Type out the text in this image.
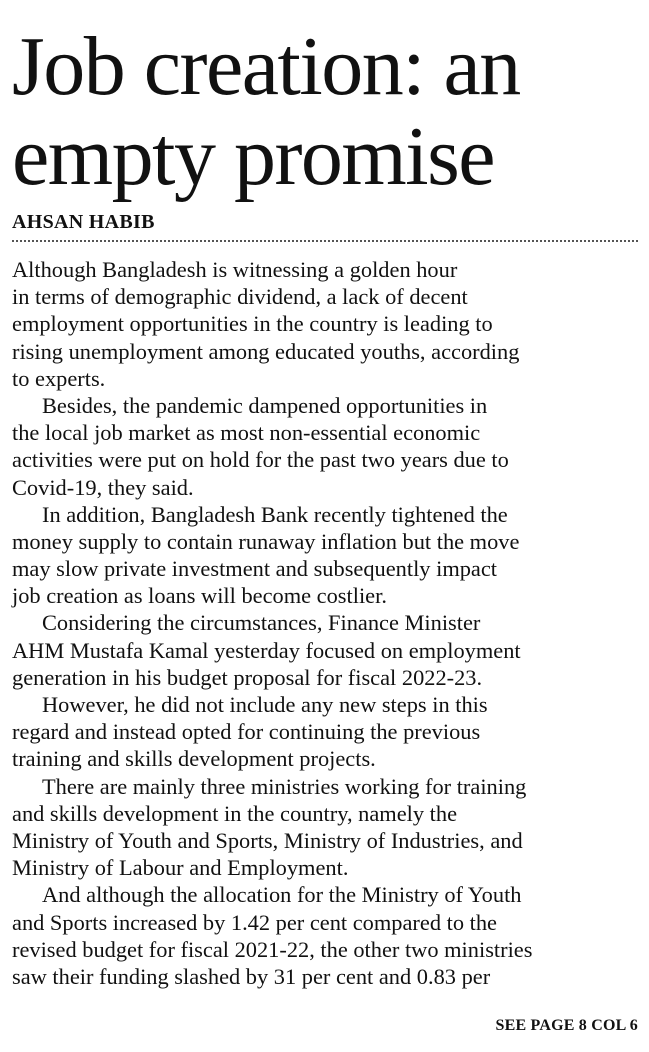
Job creation: an
empty promise
AHSAN HABIB

Although Bangladesh is witnessing a golden hour
in terms of demographic dividend, a lack of decent
employment opportunities in the country is leading to
rising unemployment among educated youths, according
to experts.

Besides, the pandemic dampened opportunities in
the local job market as most non-essential economic
activities were put on hold for the past two years due to
Covid-19, they said.

In addition, Bangladesh Bank recently tightened the
money supply to contain runaway inflation but the move
may slow private investment and subsequently impact
job creation as loans will become costlier.

Considering the circumstances, Finance Minister
AHM Mustafa Kamal yesterday focused on employment
generation in his budget proposal for fiscal 2022-23.

However, he did not include any new steps in this
regard and instead opted for continuing the previous
training and skills development projects.

There are mainly three ministries working for training
and skills development in the country, namely the
Ministry of Youth and Sports, Ministry of Industries, and
Ministry of Labour and Employment.

And although the allocation for the Ministry of Youth
and Sports increased by 1.42 per cent compared to the
revised budget for fiscal 2021-22, the other two ministries
saw their funding slashed by 31 per cent and 0.83 per

SEE PAGE 8 COL 6
